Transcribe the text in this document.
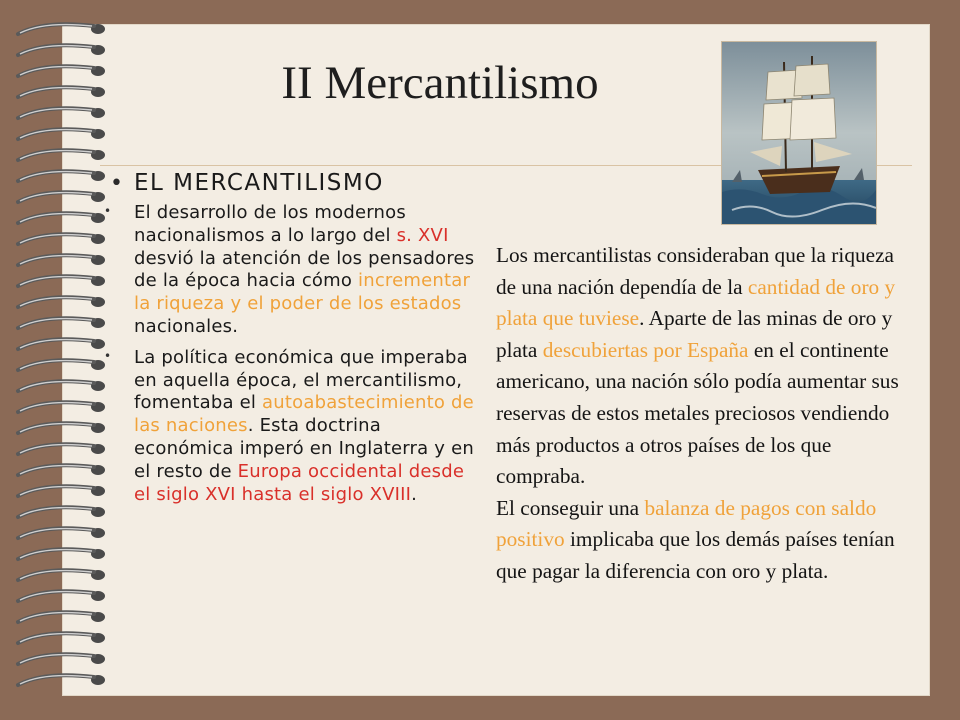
II Mercantilismo
• EL MERCANTILISMO
• El desarrollo de los modernos nacionalismos a lo largo del s. XVI desvió la atención de los pensadores de la época hacia cómo incrementar la riqueza y el poder de los estados nacionales.
• La política económica que imperaba en aquella época, el mercantilismo, fomentaba el autoabastecimiento de las naciones. Esta doctrina económica imperó en Inglaterra y en el resto de Europa occidental desde el siglo XVI hasta el siglo XVIII.
Los mercantilistas consideraban que la riqueza de una nación dependía de la cantidad de oro y plata que tuviese. Aparte de las minas de oro y plata descubiertas por España en el continente americano, una nación sólo podía aumentar sus reservas de estos metales preciosos vendiendo más productos a otros países de los que compraba.
El conseguir una balanza de pagos con saldo positivo implicaba que los demás países tenían que pagar la diferencia con oro y plata.
